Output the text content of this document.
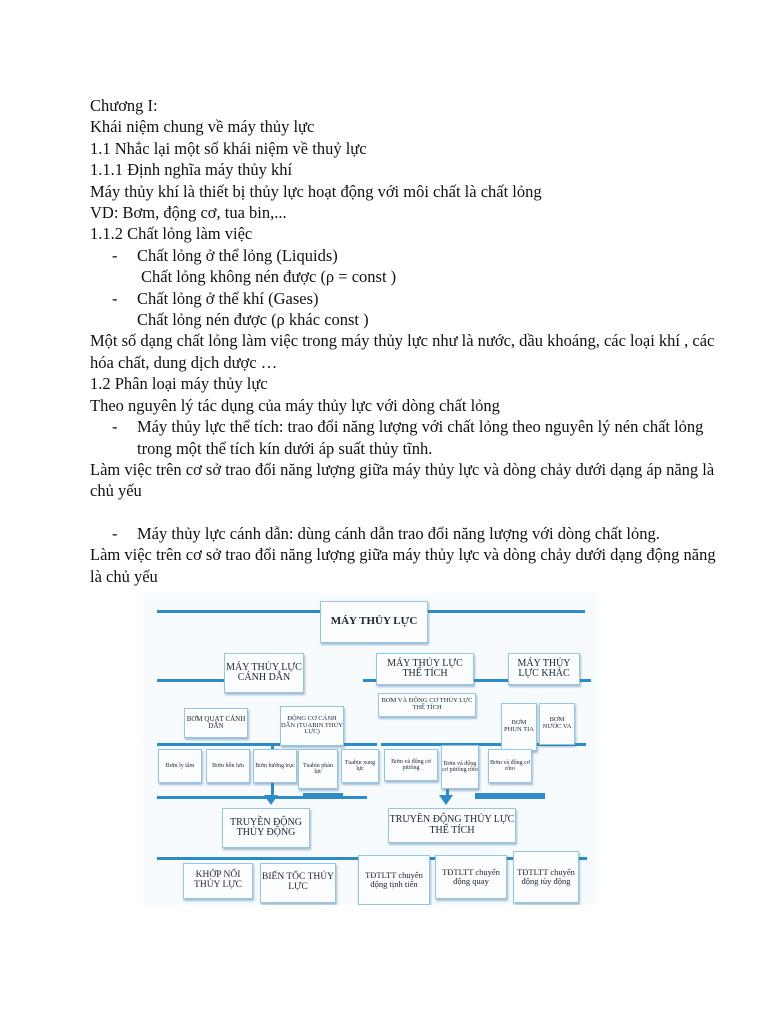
Chương I:
Khái niệm chung về máy thủy lực
1.1 Nhắc lại một số khái niệm về thuỷ lực
1.1.1 Định nghĩa máy thủy khí
Máy thủy khí là thiết bị thủy lực hoạt động với môi chất là chất lỏng
VD: Bơm, động cơ, tua bin,...
1.1.2 Chất lỏng làm việc
- Chất lỏng ở thể lỏng (Liquids)
Chất lỏng không nén được (ρ = const )
- Chất lỏng ở thể khí (Gases)
Chất lỏng nén được (ρ khác const )
Một số dạng chất lỏng làm việc trong máy thủy lực như là nước, dầu khoáng, các loại khí , các hóa chất, dung dịch dược …
1.2 Phân loại máy thủy lực
Theo nguyên lý tác dụng của máy thủy lực với dòng chất lỏng
- Máy thủy lực thể tích: trao đổi năng lượng với chất lỏng theo nguyên lý nén chất lỏng trong một thể tích kín dưới áp suất thủy tĩnh.
Làm việc trên cơ sở trao đổi năng lượng giữa máy thủy lực và dòng chảy dưới dạng áp năng là chủ yếu
- Máy thủy lực cánh dẫn: dùng cánh dẫn trao đổi năng lượng với dòng chất lỏng.
Làm việc trên cơ sở trao đổi năng lượng giữa máy thủy lực và dòng chảy dưới dạng động năng là chủ yếu
MÁY THỦY LỰC
MÁY THỦY LỰC CÁNH DẪN
MÁY THỦY LỰC THỂ TÍCH
MÁY THỦY LỰC KHÁC
BƠM QUẠT CÁNH DẪN
ĐỘNG CƠ CÁNH DẪN (TUABIN THỦY LỰC)
BƠM VÀ ĐỘNG CƠ THỦY LỰC THỂ TÍCH
BƠM PHUN TIA
BƠM NƯỚC VA
Bơm ly tâm	Bơm hỗn lưu	Bơm hướng trục	Tuabin phản lực
Tuabin xung lực
Bơm và động cơ pittông
Bơm và động cơ pittông rôto
Bơm và động cơ rôto
TRUYỀN ĐỘNG THỦY ĐỘNG
TRUYỀN ĐỘNG THỦY LỰC THỂ TÍCH
KHỚP NỐI THỦY LỰC
BIẾN TỐC THỦY LỰC
TĐTLTT chuyển động tịnh tiến
TĐTLTT chuyển động quay
TĐTLTT chuyển động tùy động
